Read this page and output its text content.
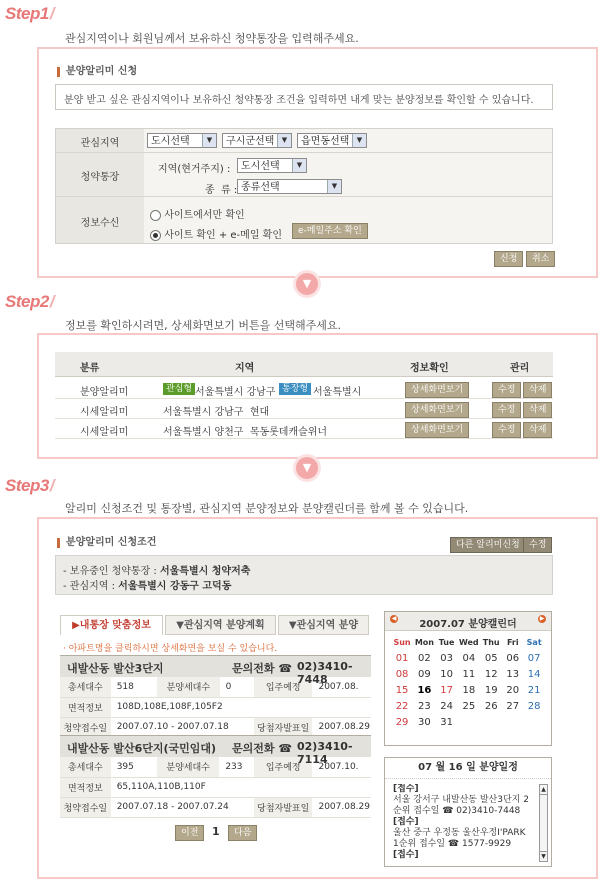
Step1/
관심지역이나 회원님께서 보유하신 청약통장을 입력해주세요.
분양알리미 신청
분양 받고 싶은 관심지역이나 보유하신 청약통장 조건을 입력하면 내게 맞는 분양정보를 확인할 수 있습니다.
관심지역	도시선택	▼	구시군선택	▼	읍면동선택	▼
청약통장
지역(현거주지) :	도시선택	▼
종  류 : 종류선택	▼
정보수신
사이트에서만 확인
사이트 확인 + e-메일 확인	e-메일주소 확인
신청	취소
▼
Step2/
정보를 확인하시려면, 상세화면보기 버튼을 선택해주세요.
분류	지역	정보확인	관리
분양알리미	관심형 서울특별시 강남구 통장형 서울특별시	상세화면보기	수정	삭제
시세알리미	서울특별시 강남구  현대	상세화면보기	수정	삭제
시세알리미	서울특별시 양천구  목동롯데캐슬위너	상세화면보기	수정	삭제
▼
Step3/
알리미 신청조건 및 통장별, 관심지역 분양정보와 분양캘린더를 함께 볼 수 있습니다.
분양알리미 신청조건	다른 알리미신청	수정
- 보유중인 청약통장 : 서울특별시 청약저축
- 관심지역 : 서울특별시 강동구 고덕동
▶내통장 맞춤정보	▼관심지역 분양계획	▼관심지역 분양
· 아파트명을 클릭하시면 상세화면을 보실 수 있습니다.
내발산동 발산3단지	문의전화 ☎ 02)3410-7448
총세대수	518	분양세대수	0	입주예정	2007.08.
면적정보	108D,108E,108F,105F2				
청약접수일	2007.07.10 - 2007.07.18			당첨자발표일	2007.08.29
내발산동 발산6단지(국민임대) 문의전화 ☎ 02)3410-7114
총세대수	395	분양세대수	233	입주예정	2007.10.
면적정보	65,110A,110B,110F				
청약접수일	2007.07.18 - 2007.07.24			당첨자발표일	2007.08.29
이전	1	다음
◀
2007.07 분양캘린더
▶
Sun	Mon	Tue	Wed	Thu	Fri	Sat
01	02	03	04	05	06	07
08	09	10	11	12	13	14
15	16	17	18	19	20	21
22	23	24	25	26	27	28
29	30	31				
07 월 16 일 분양일정
[접수]
서울 강서구 내발산동 발산3단지 2순위 접수일 ☎ 02)3410-7448
[접수]
울산 중구 우정동 울산우정I'PARK 1순위 접수일 ☎ 1577-9929
[접수]
▲
▼
